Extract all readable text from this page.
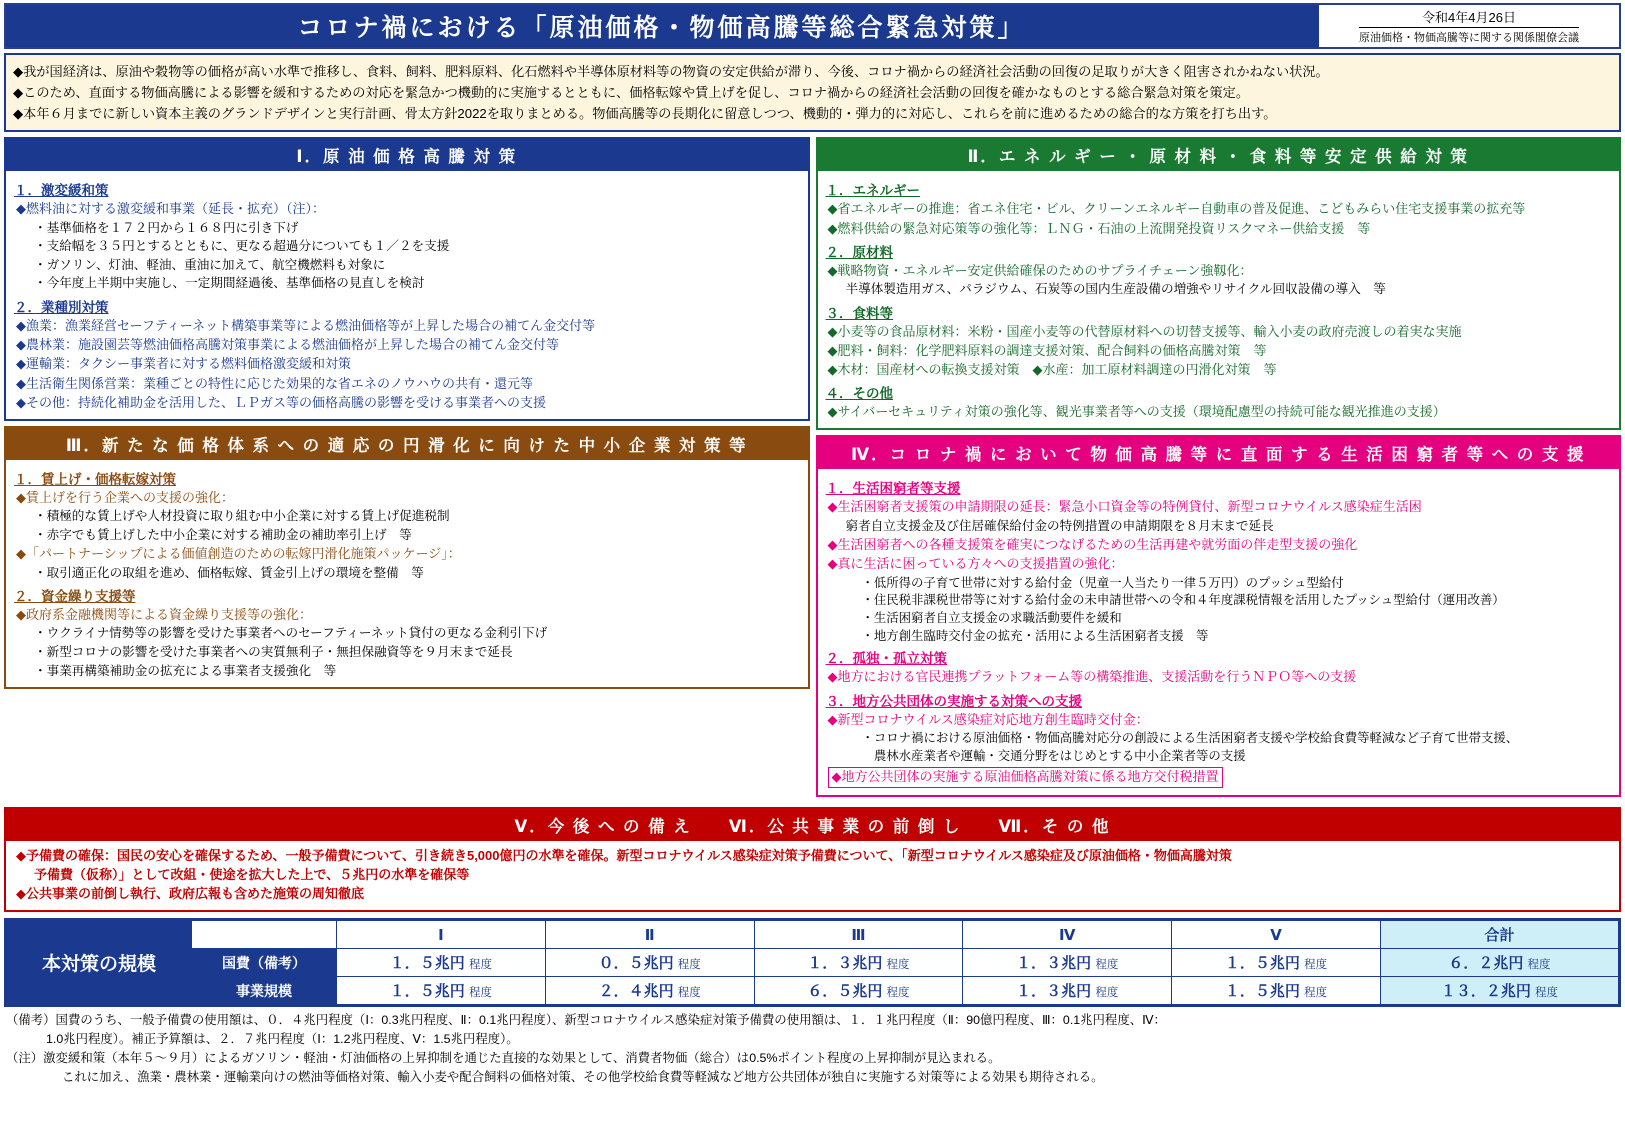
コロナ禍における「原油価格・物価高騰等総合緊急対策」	令和4年4月26日
原油価格・物価高騰等に関する関係閣僚会議

◆我が国経済は、原油や穀物等の価格が高い水準で推移し、食料、飼料、肥料原料、化石燃料や半導体原材料等の物資の安定供給が滞り、今後、コロナ禍からの経済社会活動の回復の足取りが大きく阻害されかねない状況。

◆このため、直面する物価高騰による影響を緩和するための対応を緊急かつ機動的に実施するとともに、価格転嫁や賃上げを促し、コロナ禍からの経済社会活動の回復を確かなものとする総合緊急対策を策定。

◆本年６月までに新しい資本主義のグランドデザインと実行計画、骨太方針2022を取りまとめる。物価高騰等の長期化に留意しつつ、機動的・弾力的に対応し、これらを前に進めるための総合的な方策を打ち出す。

Ⅰ．原 油 価 格 高 騰 対 策
１．激変緩和策
◆燃料油に対する激変緩和事業（延長・拡充）（注）：
・基準価格を１７２円から１６８円に引き下げ
・支給幅を３５円とするとともに、更なる超過分についても１／２を支援
・ガソリン、灯油、軽油、重油に加えて、航空機燃料も対象に
・今年度上半期中実施し、一定期間経過後、基準価格の見直しを検討
２．業種別対策
◆漁業：漁業経営セーフティーネット構築事業等による燃油価格等が上昇した場合の補てん金交付等
◆農林業：施設園芸等燃油価格高騰対策事業による燃油価格が上昇した場合の補てん金交付等
◆運輸業：タクシー事業者に対する燃料価格激変緩和対策
◆生活衛生関係営業：業種ごとの特性に応じた効果的な省エネのノウハウの共有・還元等
◆その他：持続化補助金を活用した、ＬＰガス等の価格高騰の影響を受ける事業者への支援
Ⅲ．新 た な 価 格 体 系 へ の 適 応 の 円 滑 化 に 向 け た 中 小 企 業 対 策 等
１．賃上げ・価格転嫁対策
◆賃上げを行う企業への支援の強化：
・積極的な賃上げや人材投資に取り組む中小企業に対する賃上げ促進税制
・赤字でも賃上げした中小企業に対する補助金の補助率引上げ　等
◆「パートナーシップによる価値創造のための転嫁円滑化施策パッケージ」：
・取引適正化の取組を進め、価格転嫁、賃金引上げの環境を整備　等
２．資金繰り支援等
◆政府系金融機関等による資金繰り支援等の強化：
・ウクライナ情勢等の影響を受けた事業者へのセーフティーネット貸付の更なる金利引下げ
・新型コロナの影響を受けた事業者への実質無利子・無担保融資等を９月末まで延長
・事業再構築補助金の拡充による事業者支援強化　等
Ⅱ．エ ネ ル ギ ー ・ 原 材 料 ・ 食 料 等 安 定 供 給 対 策
１．エネルギー
◆省エネルギーの推進：省エネ住宅・ビル、クリーンエネルギー自動車の普及促進、こどもみらい住宅支援事業の拡充等
◆燃料供給の緊急対応策等の強化等：ＬＮＧ・石油の上流開発投資リスクマネー供給支援　等
２．原材料
◆戦略物資・エネルギー安定供給確保のためのサプライチェーン強靱化：
半導体製造用ガス、パラジウム、石炭等の国内生産設備の増強やリサイクル回収設備の導入　等
３．食料等
◆小麦等の食品原材料：米粉・国産小麦等の代替原材料への切替支援等、輸入小麦の政府売渡しの着実な実施
◆肥料・飼料：化学肥料原料の調達支援対策、配合飼料の価格高騰対策　等
◆木材：国産材への転換支援対策　◆水産：加工原材料調達の円滑化対策　等
４．その他
◆サイバーセキュリティ対策の強化等、観光事業者等への支援（環境配慮型の持続可能な観光推進の支援）
Ⅳ．コ ロ ナ 禍 に お い て 物 価 高 騰 等 に 直 面 す る 生 活 困 窮 者 等 へ の 支 援
１．生活困窮者等支援
◆生活困窮者支援策の申請期限の延長：緊急小口資金等の特例貸付、新型コロナウイルス感染症生活困
窮者自立支援金及び住居確保給付金の特例措置の申請期限を８月末まで延長
◆生活困窮者への各種支援策を確実につなげるための生活再建や就労面の伴走型支援の強化
◆真に生活に困っている方々への支援措置の強化：
・低所得の子育て世帯に対する給付金（児童一人当たり一律５万円）のプッシュ型給付
・住民税非課税世帯等に対する給付金の未申請世帯への令和４年度課税情報を活用したプッシュ型給付（運用改善）
・生活困窮者自立支援金の求職活動要件を緩和
・地方創生臨時交付金の拡充・活用による生活困窮者支援　等
２．孤独・孤立対策
◆地方における官民連携プラットフォーム等の構築推進、支援活動を行うＮＰＯ等への支援
３．地方公共団体の実施する対策への支援
◆新型コロナウイルス感染症対応地方創生臨時交付金：
・コロナ禍における原油価格・物価高騰対応分の創設による生活困窮者支援や学校給食費等軽減など子育て世帯支援、
　農林水産業者や運輸・交通分野をはじめとする中小企業者等の支援
◆地方公共団体の実施する原油価格高騰対策に係る地方交付税措置
Ⅴ．今 後 へ の 備 え　　Ⅵ．公 共 事 業 の 前 倒 し　　Ⅶ．そ の 他
◆予備費の確保：国民の安心を確保するため、一般予備費について、引き続き5,000億円の水準を確保。新型コロナウイルス感染症対策予備費について、「新型コロナウイルス感染症及び原油価格・物価高騰対策
予備費（仮称）」として改組・使途を拡大した上で、５兆円の水準を確保等
◆公共事業の前倒し執行、政府広報も含めた施策の周知徹底
本対策の規模		Ⅰ	Ⅱ	Ⅲ	Ⅳ	Ⅴ	合計
	国費（備考）	１．５兆円 程度	０．５兆円 程度	１．３兆円 程度	１．３兆円 程度	１．５兆円 程度	６．２兆円 程度
	事業規模	１．５兆円 程度	２．４兆円 程度	６．５兆円 程度	１．３兆円 程度	１．５兆円 程度	１３．２兆円 程度

（備考）国費のうち、一般予備費の使用額は、０．４兆円程度（Ⅰ：0.3兆円程度、Ⅱ：0.1兆円程度）、新型コロナウイルス感染症対策予備費の使用額は、１．１兆円程度（Ⅱ：90億円程度、Ⅲ：0.1兆円程度、Ⅳ：

1.0兆円程度）。補正予算額は、２．７兆円程度（Ⅰ：1.2兆円程度、Ⅴ：1.5兆円程度）。

（注）激変緩和策（本年５～９月）によるガソリン・軽油・灯油価格の上昇抑制を通じた直接的な効果として、消費者物価（総合）は0.5%ポイント程度の上昇抑制が見込まれる。

これに加え、漁業・農林業・運輸業向けの燃油等価格対策、輸入小麦や配合飼料の価格対策、その他学校給食費等軽減など地方公共団体が独自に実施する対策等による効果も期待される。
